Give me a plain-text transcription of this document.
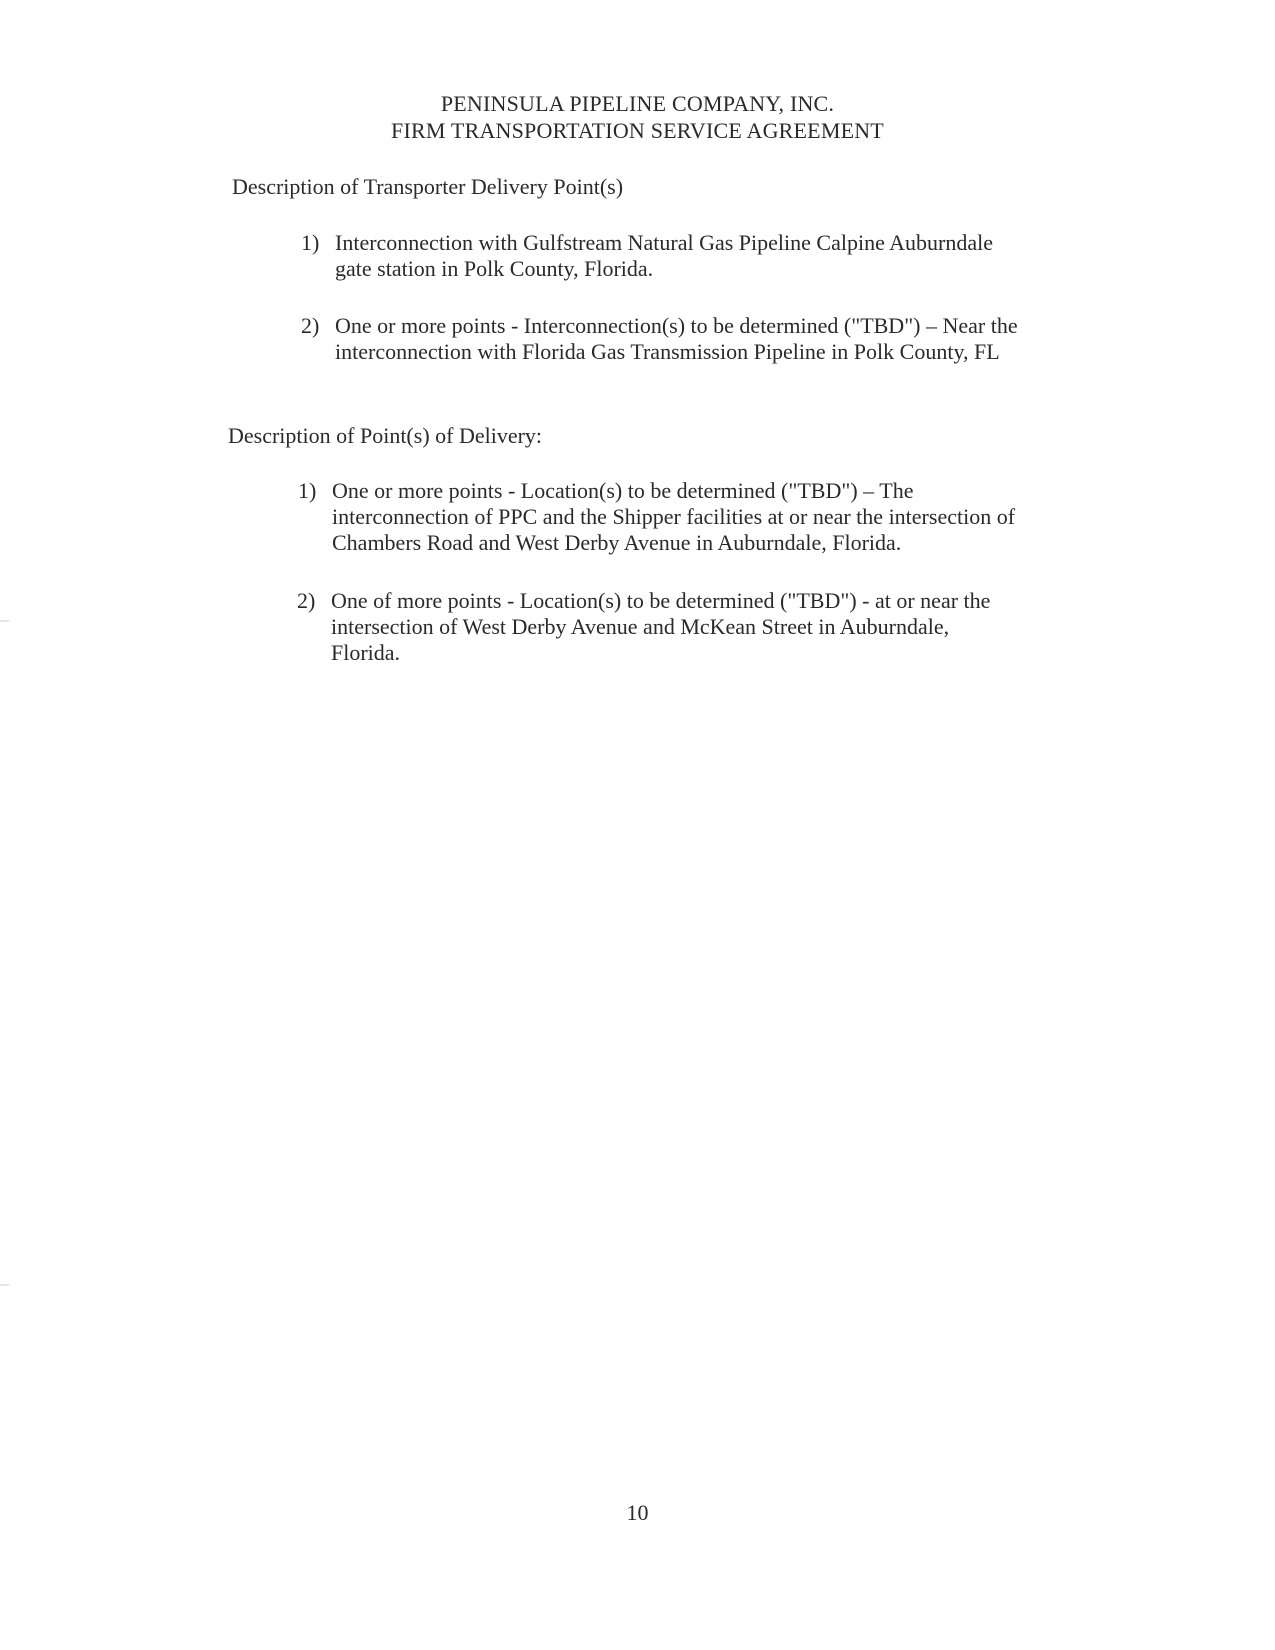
PENINSULA PIPELINE COMPANY, INC.
FIRM TRANSPORTATION SERVICE AGREEMENT
Description of Transporter Delivery Point(s)
1) Interconnection with Gulfstream Natural Gas Pipeline Calpine Auburndale
gate station in Polk County, Florida.
2) One or more points - Interconnection(s) to be determined ("TBD") – Near the
interconnection with Florida Gas Transmission Pipeline in Polk County, FL
Description of Point(s) of Delivery:
1) One or more points - Location(s) to be determined ("TBD") – The
interconnection of PPC and the Shipper facilities at or near the intersection of
Chambers Road and West Derby Avenue in Auburndale, Florida.
2) One of more points - Location(s) to be determined ("TBD") - at or near the
intersection of West Derby Avenue and McKean Street in Auburndale,
Florida.
10
